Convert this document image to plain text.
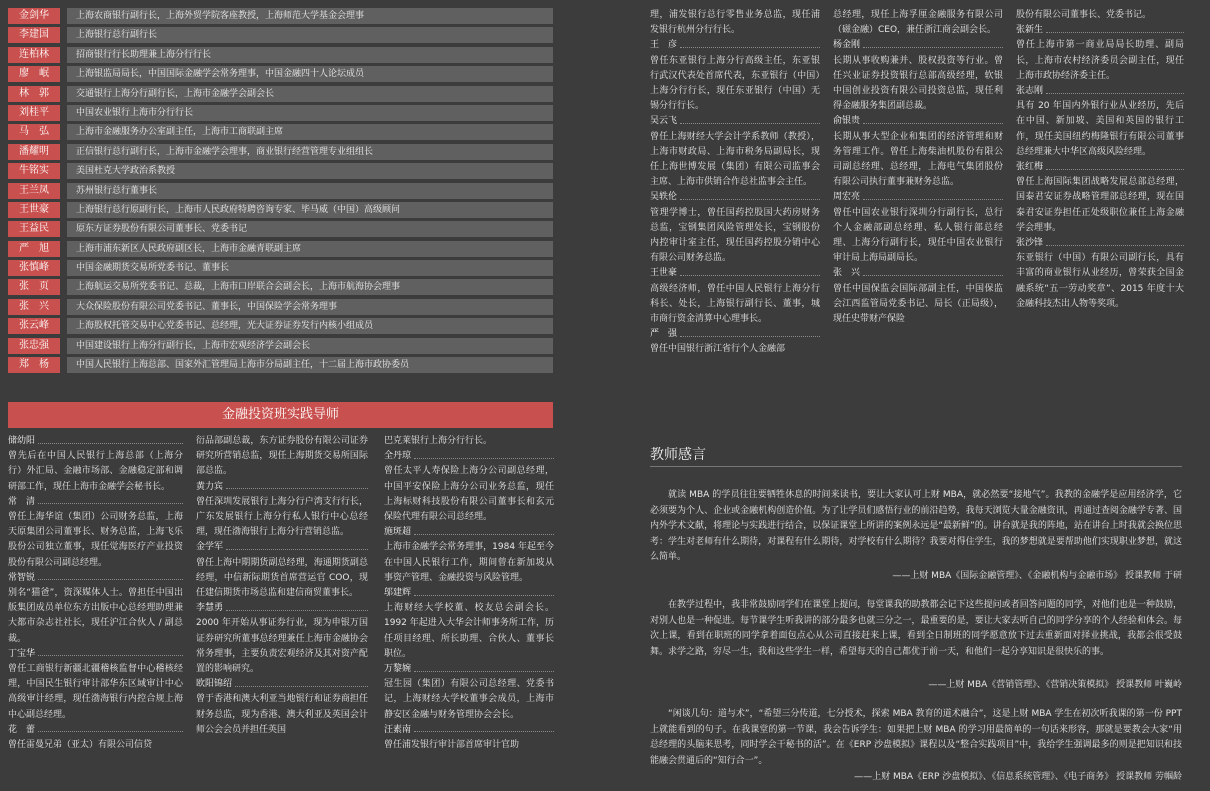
金剑华	上海农商银行副行长，上海外贸学院客座教授，上海师范大学基金会理事
李建国	上海银行总行副行长
连柏林	招商银行行长助理兼上海分行行长
廖　岷	上海银监局局长，中国国际金融学会常务理事，中国金融四十人论坛成员
林　郭	交通银行上海分行副行长，上海市金融学会副会长
刘桂平	中国农业银行上海市分行行长
马　弘	上海市金融服务办公室副主任，上海市工商联副主席
潘耀明	正信银行总行副行长，上海市金融学会理事，商业银行经营管理专业组组长
牛铭实	美国杜克大学政治系教授
王兰凤	苏州银行总行董事长
王世豪	上海银行总行原副行长，上海市人民政府特聘咨询专家、毕马威（中国）高级顾问
王益民	原东方证券股份有限公司董事长、党委书记
严　旭	上海市浦东新区人民政府副区长，上海市金融青联副主席
张慎峰	中国金融期货交易所党委书记、董事长
张　页	上海航运交易所党委书记、总裁，上海市口岸联合会副会长，上海市航海协会理事
张　兴	大众保险股份有限公司党委书记、董事长，中国保险学会常务理事
张云峰	上海股权托管交易中心党委书记、总经理，光大证券证券发行内核小组成员
张忠强	中国建设银行上海分行副行长，上海市宏观经济学会副会长
郑　杨	中国人民银行上海总部、国家外汇管理局上海市分局副主任，十二届上海市政协委员
金融投资班实践导师
储幼阳
曾先后在中国人民银行上海总部（上海分行）外汇局、金融市场部、金融稳定部和调研部工作，现任上海市金融学会秘书长。
常　清
曾任上海华谊（集团）公司财务总监，上海天原集团公司董事长、财务总监，上海飞乐股份公司独立董事，现任觉海医疗产业投资股份有限公司副总经理。
常智锐
别名“猫爸”，资深媒体人士。曾担任中国出版集团成员单位东方出版中心总经理助理兼大都市杂志社社长，现任沪江合伙人 / 副总裁。
丁宝华
曾任工商银行新疆北疆稽核监督中心稽核经理，中国民生银行审计部华东区域审计中心高级审计经理，现任渤海银行内控合规上海中心副总经理。
花　蕾
曾任雷曼兄弟（亚太）有限公司信贷
衍品部副总裁，东方证券股份有限公司证券研究所营销总监，现任上海期货交易所国际部总监。
黄力宾
曾任深圳发展银行上海分行户湾支行行长，广东发展银行上海分行私人银行中心总经理，现任渤海银行上海分行营销总监。
金学军
曾任上海中期期货副总经理，海通期货副总经理，中信新际期货首席营运官 COO，现任建信期货市场总监和建信商贸董事长。
李慧勇
2000 年开始从事证券行业，现为申银万国证券研究所董事总经理兼任上海市金融协会常务理事，主要负责宏观经济及其对资产配置的影响研究。
欧阳锦绍
曾于香港和澳大利亚当地银行和证券商担任财务总监，现为香港、澳大利亚及英国会计师公会会员并担任英国
巴克莱银行上海分行行长。
全丹琼
曾任太平人寿保险上海分公司副总经理，中国平安保险上海分公司业务总监，现任上海标财科技股份有限公司董事长和玄元保险代理有限公司总经理。
施斑超
上海市金融学会常务理事，1984 年起至今在中国人民银行工作，期间曾在新加坡从事资产管理、金融投资与风险管理。
邬建辉
上海财经大学校董、校友总会副会长。1992 年起进入大华会计师事务所工作，历任项目经理、所长助理、合伙人、董事长职位。
万黎婉
冠生园（集团）有限公司总经理、党委书记，上海财经大学校董事会成员，上海市静安区金融与财务管理协会会长。
汪素南
曾任浦发银行审计部首席审计官助
理，浦发银行总行零售业务总监，现任浦发银行杭州分行行长。
王　彦
曾任东亚银行上海分行高级主任，东亚银行武汉代表处首席代表，东亚银行（中国）上海分行行长，现任东亚银行（中国）无锡分行行长。
吴云飞
曾任上海财经大学会计学系教师（教授），上海市财政局、上海市税务局副局长，现任上海世博发展（集团）有限公司监事会主席、上海市供销合作总社监事会主任。
吴轶伦
管理学博士，曾任国药控股国大药房财务总监，宝钢集团风险管理处长，宝钢股份内控审计室主任，现任国药控股分销中心有限公司财务总监。
王世豪
高级经济师，曾任中国人民银行上海分行科长、处长，上海银行副行长、董事，城市商行资金清算中心理事长。
严　强
曾任中国银行浙江省行个人金融部
总经理，现任上海孚厘金融服务有限公司（磁金融）CEO，兼任浙江商会副会长。
杨金刚
长期从事收购兼并、股权投资等行业。曾任兴业证券投资银行总部高级经理，软银中国创业投资有限公司投资总监，现任利得金融服务集团副总裁。
俞银贵
长期从事大型企业和集团的经济管理和财务管理工作。曾任上海柴油机股份有限公司副总经理、总经理，上海电气集团股份有限公司执行董事兼财务总监。
周宏亮
曾任中国农业银行深圳分行副行长，总行个人金融部副总经理、私人银行部总经理、上海分行副行长，现任中国农业银行审计局上海局副局长。
张　兴
曾任中国保监会国际部副主任，中国保监会江西监管局党委书记、局长（正局级），现任史带财产保险
股份有限公司董事长、党委书记。
张新生
曾任上海市第一商业局局长助理、副局长，上海市农村经济委员会副主任，现任上海市政协经济委主任。
张志刚
具有 20 年国内外银行业从业经历，先后在中国、新加坡、美国和英国的银行工作，现任美国纽约梅隆银行有限公司董事总经理兼大中华区高级风险经理。
张红梅
曾任上海国际集团战略发展总部总经理，国泰君安证券战略管理部总经理，现在国泰君安证券担任正处级职位兼任上海金融学会理事。
张沙锋
东亚银行（中国）有限公司副行长，具有丰富的商业银行从业经历，曾荣获全国金融系统“五一劳动奖章”、2015 年度十大金融科技杰出人物等奖项。
教师感言
就读 MBA 的学员往往要牺牲休息的时间来读书，要让大家认可上财 MBA，就必然要“接地气”。我教的金融学是应用经济学，它必须要为个人、企业或金融机构创造价值。为了让学员们感悟行业的前沿趋势，我每天浏览大量金融资讯，再通过查阅金融学专著、国内外学术文献，将理论与实践进行结合，以保证课堂上所讲的案例永远是“最新鲜”的。讲台就是我的阵地，站在讲台上时我就会换位思考：学生对老师有什么期待，对课程有什么期待，对学校有什么期待？我要对得住学生，我的梦想就是要帮助他们实现职业梦想，就这么简单。
——上财 MBA《国际金融管理》、《金融机构与金融市场》 授课教师 于研
在教学过程中，我非常鼓励同学们在课堂上提问，每堂课我的助教都会记下这些提问或者回答问题的同学，对他们也是一种鼓励，对别人也是一种促进。每节课学生听我讲的部分最多也就三分之一，最重要的是，要让大家去听自己的同学分享的个人经验和体会。每次上课，看到在职班的同学拿着面包点心从公司直接赶来上课，看到全日制班的同学愿意放下过去重新面对择业挑战，我都会很受鼓舞。求学之路，穷尽一生，我和这些学生一样，希望每天的自己都优于前一天，和他们一起分享知识是很快乐的事。
——上财 MBA《营销管理》、《营销决策模拟》 授课教师 叶巍岭
“闲谈几句：道与术”，“希望三分传道，七分授术，探索 MBA 教育的道术融合”，这是上财 MBA 学生在初次听我课的第一份 PPT 上就能看到的句子。在我课堂的第一节课，我会告诉学生：如果把上财 MBA 的学习用最简单的一句话来形容，那就是要教会大家“用总经理的头脑来思考，同时学会干秘书的活”。在《ERP 沙盘模拟》课程以及“整合实践项目”中，我给学生强调最多的则是把知识和技能融会贯通后的“知行合一”。
——上财 MBA《ERP 沙盘模拟》、《信息系统管理》、《电子商务》 授课教师 劳帼龄
